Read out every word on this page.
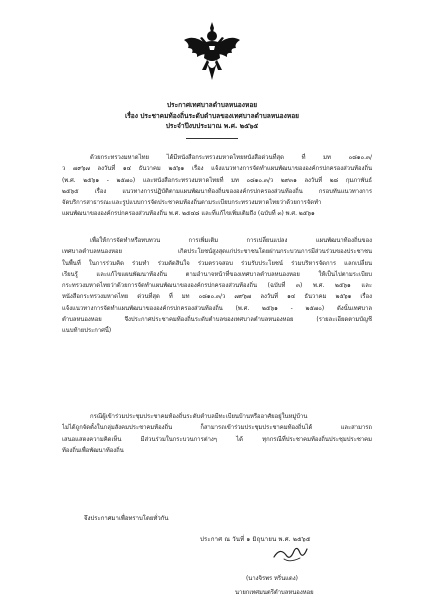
ประกาศเทศบาลตำบลหนองหอย
เรื่อง ประชาคมท้องถิ่นระดับตำบลของเทศบาลตำบลหนองหอย
ประจำปีงบประมาณ พ.ศ. ๒๕๖๕
ด้วยกระทรวงมหาดไทย ได้มีหนังสือกระทรวงมหาดไทยหนังสือด่วนที่สุด ที่ มท ๐๘๑๐.๓/
ว ๗๙๖๗ ลงวันที่ ๑๔ ธันวาคม ๒๕๖๑ เรื่อง แจ้งแนวทางการจัดทำแผนพัฒนาขององค์กรปกครองส่วนท้องถิ่น
(พ.ศ. ๒๕๖๑ - ๒๕๗๐) และหนังสือกระทรวงมหาดไทยที่ มท ๐๘๑๐.๓/ว ๒๙๓๑ ลงวันที่ ๒๘ กุมภาพันธ์
๒๕๖๕ เรื่อง แนวทางการปฏิบัติตามแผนพัฒนาท้องถิ่นขององค์กรปกครองส่วนท้องถิ่น กรอบทันแนวทางการ
จัดบริการสาธารณะและรูปแบบการจัดประชาคมท้องถิ่นตามระเบียบกระทรวงมหาดไทยว่าด้วยการจัดทำ
แผนพัฒนาขององค์กรปกครองส่วนท้องถิ่น พ.ศ. ๒๕๔๘ และที่แก้ไขเพิ่มเติมถึง (ฉบับที่ ๓) พ.ศ. ๒๕๖๑
เพื่อให้การจัดทำหรือทบทวน การเพิ่มเติม การเปลี่ยนแปลง แผนพัฒนาท้องถิ่นของ
เทศบาลตำบลหนองหอย เกิดประโยชน์สูงสุดแก่ประชาชนโดยผ่านกระบวนการมีส่วนร่วมของประชาชน
ในพื้นที่ ในการร่วมคิด ร่วมทำ ร่วมตัดสินใจ ร่วมตรวจสอบ ร่วมรับประโยชน์ ร่วมบริหารจัดการ แลกเปลี่ยน
เรียนรู้ และแก้ไขแผนพัฒนาท้องถิ่น ตามอำนาจหน้าที่ของเทศบาลตำบลหนองหอย ให้เป็นไปตามระเบียบ
กระทรวงมหาดไทยว่าด้วยการจัดทำแผนพัฒนาขององค์กรปกครองส่วนท้องถิ่น (ฉบับที่ ๓) พ.ศ. ๒๕๖๑ และ
หนังสือกระทรวงมหาดไทย ด่วนที่สุด ที่ มท ๐๘๑๐.๓/ว ๗๙๖๗ ลงวันที่ ๑๔ ธันวาคม ๒๕๖๑ เรื่อง
แจ้งแนวทางการจัดทำแผนพัฒนาขององค์กรปกครองส่วนท้องถิ่น (พ.ศ. ๒๕๖๑ - ๒๕๗๐) ดังนั้นเทศบาล
ตำบลหนองหอย จึงประกาศประชาคมท้องถิ่นระดับตำบลของเทศบาลตำบลหนองหอย (รายละเอียดตามบัญชี
แนบท้ายประกาศนี้)
กรณีผู้เข้าร่วมประชุมประชาคมท้องถิ่นระดับตำบลมีทะเบียนบ้านหรืออาศัยอยู่ในหมู่บ้าน
ไม่ได้ถูกจัดตั้งในกลุ่มสังคมประชาคมท้องถิ่น ก็สามารถเข้าร่วมประชุมประชาคมท้องถิ่นได้ และสามารถ
เสนอแสดงความคิดเห็น มีส่วนร่วมในกระบวนการต่างๆ ได้ ทุกกรณีที่ประชาคมท้องถิ่นประชุมประชาคม
ท้องถิ่นเพื่อพัฒนาท้องถิ่น
จึงประกาศมาเพื่อทราบโดยทั่วกัน
ประกาศ ณ วันที่ ๑ มิถุนายน พ.ศ. ๒๕๖๕
(นางจิรพร หริ่นแดง)
นายกเทศมนตรีตำบลหนองหอย
